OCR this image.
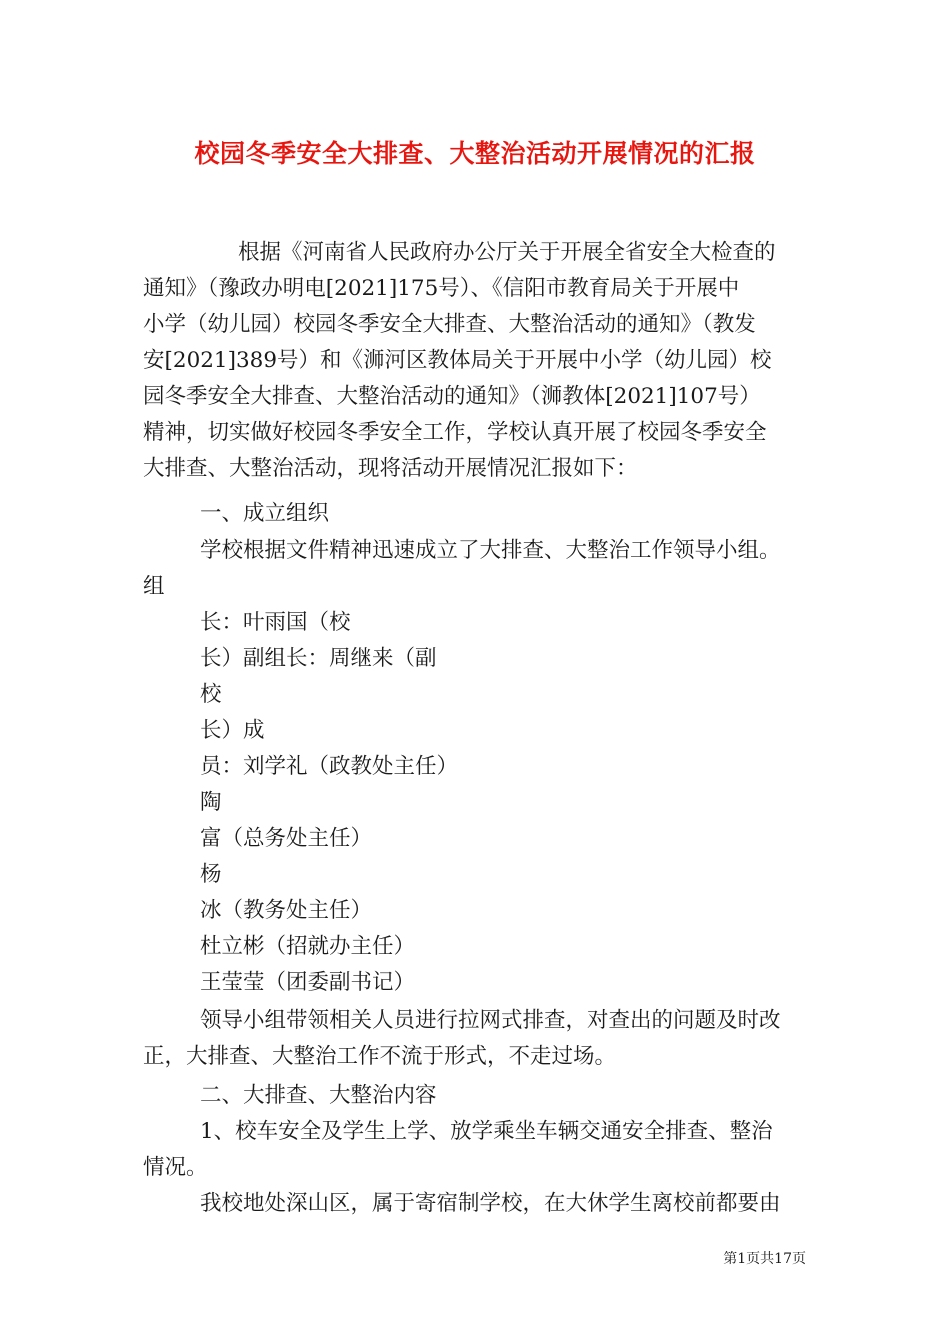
校园冬季安全大排查、大整治活动开展情况的汇报
根据《河南省人民政府办公厅关于开展全省安全大检查的
通知》（豫政办明电[2021]175号）、《信阳市教育局关于开展中
小学（幼儿园）校园冬季安全大排查、大整治活动的通知》（教发
安[2021]389号）和《浉河区教体局关于开展中小学（幼儿园）校
园冬季安全大排查、大整治活动的通知》（浉教体[2021]107号）
精神，切实做好校园冬季安全工作，学校认真开展了校园冬季安全
大排查、大整治活动，现将活动开展情况汇报如下：
一、成立组织
学校根据文件精神迅速成立了大排查、大整治工作领导小组。
组
长：叶雨国（校
长）副组长：周继来（副
校
长）成
员：刘学礼（政教处主任）
陶
富（总务处主任）
杨
冰（教务处主任）
杜立彬（招就办主任）
王莹莹（团委副书记）
领导小组带领相关人员进行拉网式排查，对查出的问题及时改
正，大排查、大整治工作不流于形式，不走过场。
二、大排查、大整治内容
1、校车安全及学生上学、放学乘坐车辆交通安全排查、整治
情况。
我校地处深山区，属于寄宿制学校，在大休学生离校前都要由
第1页共17页
